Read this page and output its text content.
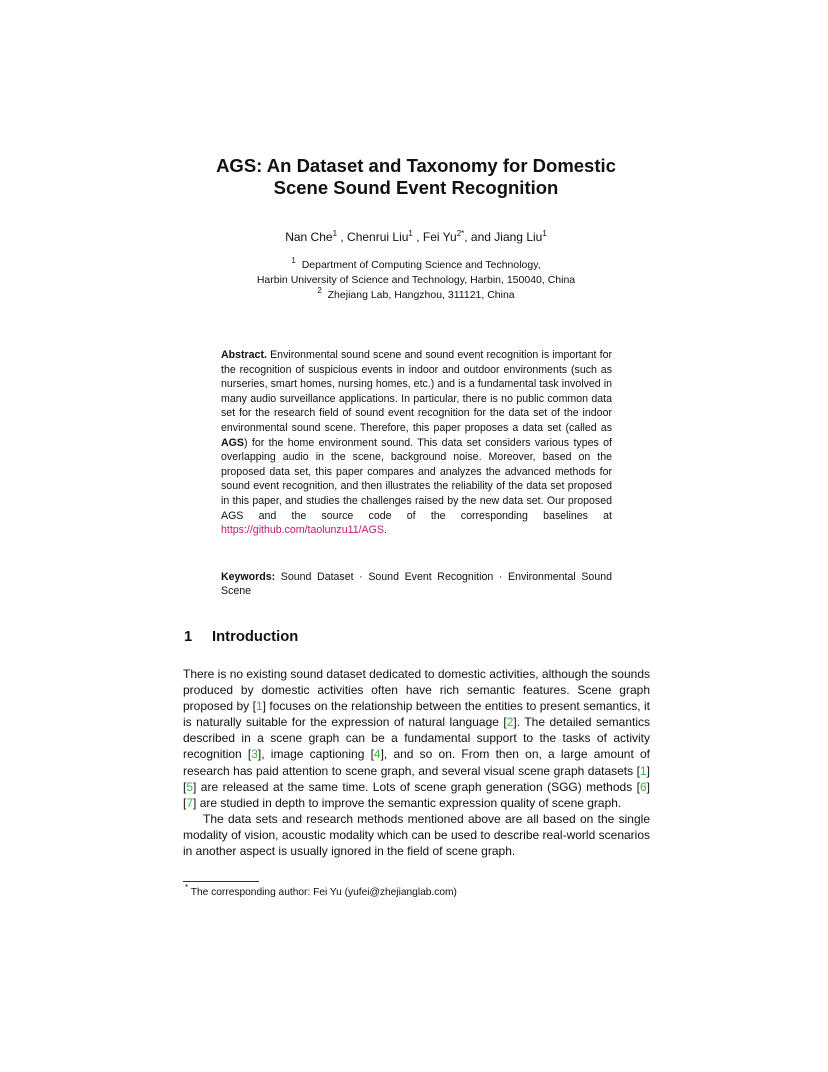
AGS: An Dataset and Taxonomy for Domestic
Scene Sound Event Recognition
Nan Che$^1$ , Chenrui Liu$^1$ , Fei $Yu^{2*}$, and Jiang Liu$^1$
$^1$ Department of Computing Science and Technology,
Harbin University of Science and Technology, Harbin, 150040, China
$^2$ Zhejiang Lab, Hangzhou, 311121, China
Abstract. Environmental sound scene and sound event recognition is important for the recognition of suspicious events in indoor and outdoor environments (such as nurseries, smart homes, nursing homes, etc.) and is a fundamental task involved in many audio surveillance applications. In particular, there is no public common data set for the research field of sound event recognition for the data set of the indoor environmental sound scene. Therefore, this paper proposes a data set (called as AGS) for the home environment sound. This data set considers various types of overlapping audio in the scene, background noise. Moreover, based on the proposed data set, this paper compares and analyzes the advanced methods for sound event recognition, and then illustrates the reliability of the data set proposed in this paper, and studies the challenges raised by the new data set. Our proposed AGS and the source code of the corresponding baselines at https://github.com/taolunzu11/AGS.
Keywords: Sound Dataset · Sound Event Recognition · Environmental Sound Scene
1 Introduction

There is no existing sound dataset dedicated to domestic activities, although the sounds produced by domestic activities often have rich semantic features. Scene graph proposed by [1] focuses on the relationship between the entities to present semantics, it is naturally suitable for the expression of natural language [2]. The detailed semantics described in a scene graph can be a fundamental support to the tasks of activity recognition [3], image captioning [4], and so on. From then on, a large amount of research has paid attention to scene graph, and several visual scene graph datasets [1] [5] are released at the same time. Lots of scene graph generation (SGG) methods [6] [7] are studied in depth to improve the semantic expression quality of scene graph.

The data sets and research methods mentioned above are all based on the single modality of vision, acoustic modality which can be used to describe real-world scenarios in another aspect is usually ignored in the field of scene graph.

* The corresponding author: Fei Yu (yufei@zhejianglab.com)
